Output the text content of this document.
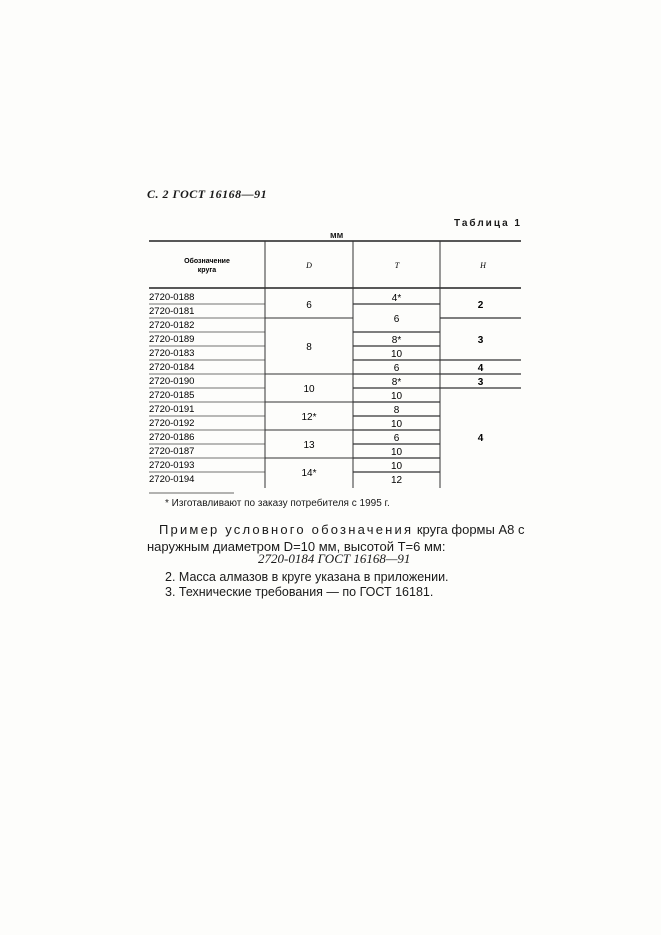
С. 2 ГОСТ 16168—91
Таблица 1
мм
Обозначение
круга
D	T	H
2720-0188
2720-0181
2720-0182
2720-0189
2720-0183
2720-0184
2720-0190
2720-0185
2720-0191
2720-0192
2720-0186
2720-0187
2720-0193
2720-0194
6
8
10
12*
13
14*
4*
6
8*
10
6
8*
10
8
10
6
10
10
12
2
3
4
3
4
* Изготавливают по заказу потребителя с 1995 г.
Пример условного обозначения круга формы А8 с наружным диаметром D=10 мм, высотой T=6 мм:
2720-0184 ГОСТ 16168—91
2. Масса алмазов в круге указана в приложении.
3. Технические требования — по ГОСТ 16181.
